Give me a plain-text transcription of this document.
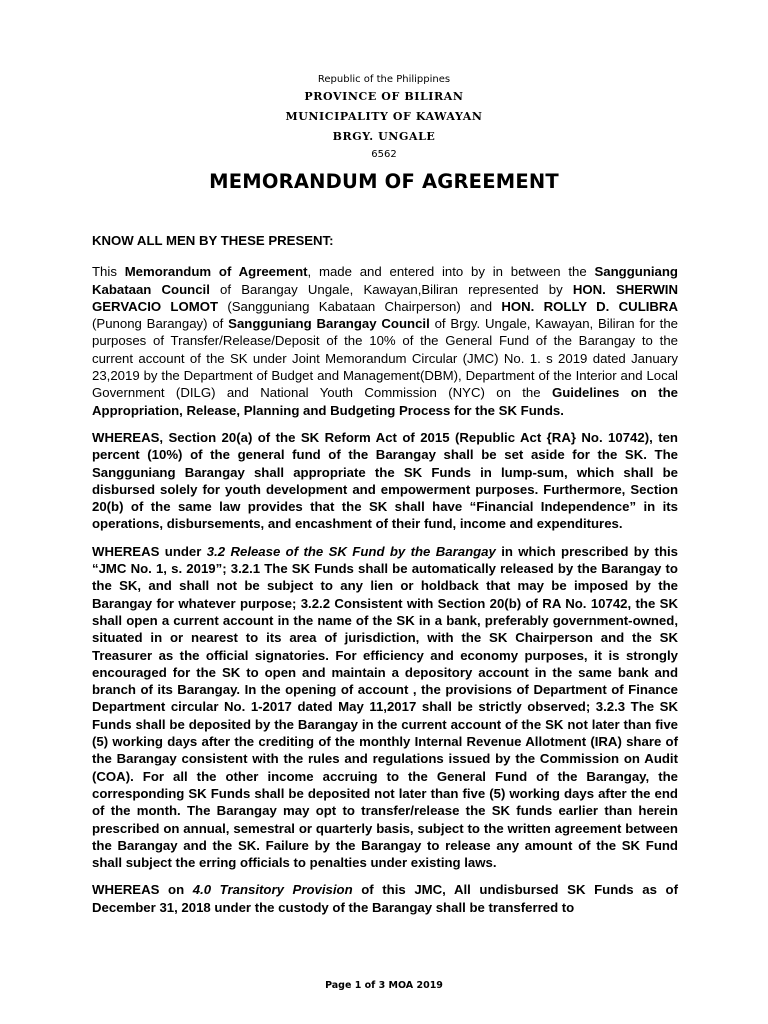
Republic of the Philippines
PROVINCE OF BILIRAN
MUNICIPALITY OF KAWAYAN
BRGY. UNGALE
6562
MEMORANDUM OF AGREEMENT

KNOW ALL MEN BY THESE PRESENT:

This Memorandum of Agreement, made and entered into by in between the Sangguniang Kabataan Council of Barangay Ungale, Kawayan,Biliran represented by HON. SHERWIN GERVACIO LOMOT (Sangguniang Kabataan Chairperson) and HON. ROLLY D. CULIBRA (Punong Barangay) of Sangguniang Barangay Council of Brgy. Ungale, Kawayan, Biliran for the purposes of Transfer/Release/Deposit of the 10% of the General Fund of the Barangay to the current account of the SK under Joint Memorandum Circular (JMC) No. 1. s 2019 dated January 23,2019 by the Department of Budget and Management(DBM), Department of the Interior and Local Government (DILG) and National Youth Commission (NYC) on the Guidelines on the Appropriation, Release, Planning and Budgeting Process for the SK Funds.

WHEREAS, Section 20(a) of the SK Reform Act of 2015 (Republic Act {RA} No. 10742), ten percent (10%) of the general fund of the Barangay shall be set aside for the SK. The Sangguniang Barangay shall appropriate the SK Funds in lump-sum, which shall be disbursed solely for youth development and empowerment purposes. Furthermore, Section 20(b) of the same law provides that the SK shall have “Financial Independence” in its operations, disbursements, and encashment of their fund, income and expenditures.

WHEREAS under 3.2 Release of the SK Fund by the Barangay in which prescribed by this “JMC No. 1, s. 2019”; 3.2.1 The SK Funds shall be automatically released by the Barangay to the SK, and shall not be subject to any lien or holdback that may be imposed by the Barangay for whatever purpose; 3.2.2 Consistent with Section 20(b) of RA No. 10742, the SK shall open a current account in the name of the SK in a bank, preferably government-owned, situated in or nearest to its area of jurisdiction, with the SK Chairperson and the SK Treasurer as the official signatories. For efficiency and economy purposes, it is strongly encouraged for the SK to open and maintain a depository account in the same bank and branch of its Barangay. In the opening of account , the provisions of Department of Finance Department circular No. 1-2017 dated May 11,2017 shall be strictly observed; 3.2.3 The SK Funds shall be deposited by the Barangay in the current account of the SK not later than five (5) working days after the crediting of the monthly Internal Revenue Allotment (IRA) share of the Barangay consistent with the rules and regulations issued by the Commission on Audit (COA). For all the other income accruing to the General Fund of the Barangay, the corresponding SK Funds shall be deposited not later than five (5) working days after the end of the month. The Barangay may opt to transfer/release the SK funds earlier than herein prescribed on annual, semestral or quarterly basis, subject to the written agreement between the Barangay and the SK. Failure by the Barangay to release any amount of the SK Fund shall subject the erring officials to penalties under existing laws.

WHEREAS on 4.0 Transitory Provision of this JMC, All undisbursed SK Funds as of December 31, 2018 under the custody of the Barangay shall be transferred to

Page 1 of 3 MOA 2019
